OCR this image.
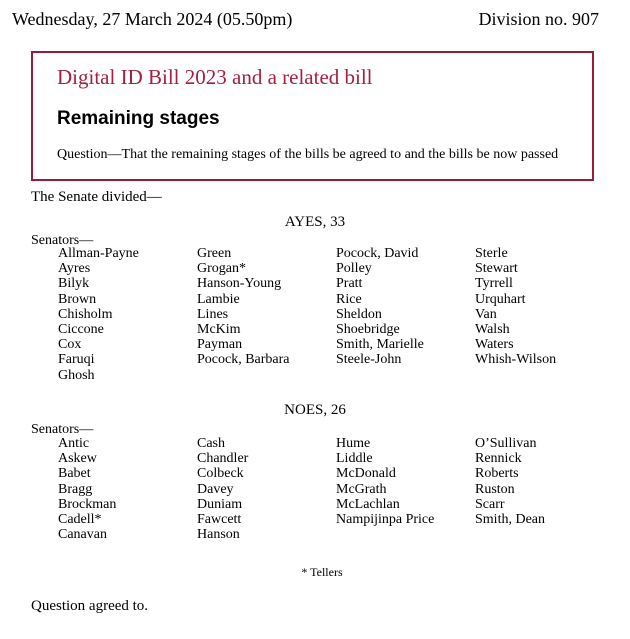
Wednesday, 27 March 2024 (05.50pm)	Division no. 907
Digital ID Bill 2023 and a related bill
Remaining stages
Question—That the remaining stages of the bills be agreed to and the bills be now passed
The Senate divided—
AYES, 33
Senators—
Allman-Payne
Ayres
Bilyk
Brown
Chisholm
Ciccone
Cox
Faruqi
Ghosh
Green
Grogan*
Hanson-Young
Lambie
Lines
McKim
Payman
Pocock, Barbara
Pocock, David
Polley
Pratt
Rice
Sheldon
Shoebridge
Smith, Marielle
Steele-John
Sterle
Stewart
Tyrrell
Urquhart
Van
Walsh
Waters
Whish-Wilson
NOES, 26
Senators—
Antic
Askew
Babet
Bragg
Brockman
Cadell*
Canavan
Cash
Chandler
Colbeck
Davey
Duniam
Fawcett
Hanson
Hume
Liddle
McDonald
McGrath
McLachlan
Nampijinpa Price
O’Sullivan
Rennick
Roberts
Ruston
Scarr
Smith, Dean
* Tellers
Question agreed to.
